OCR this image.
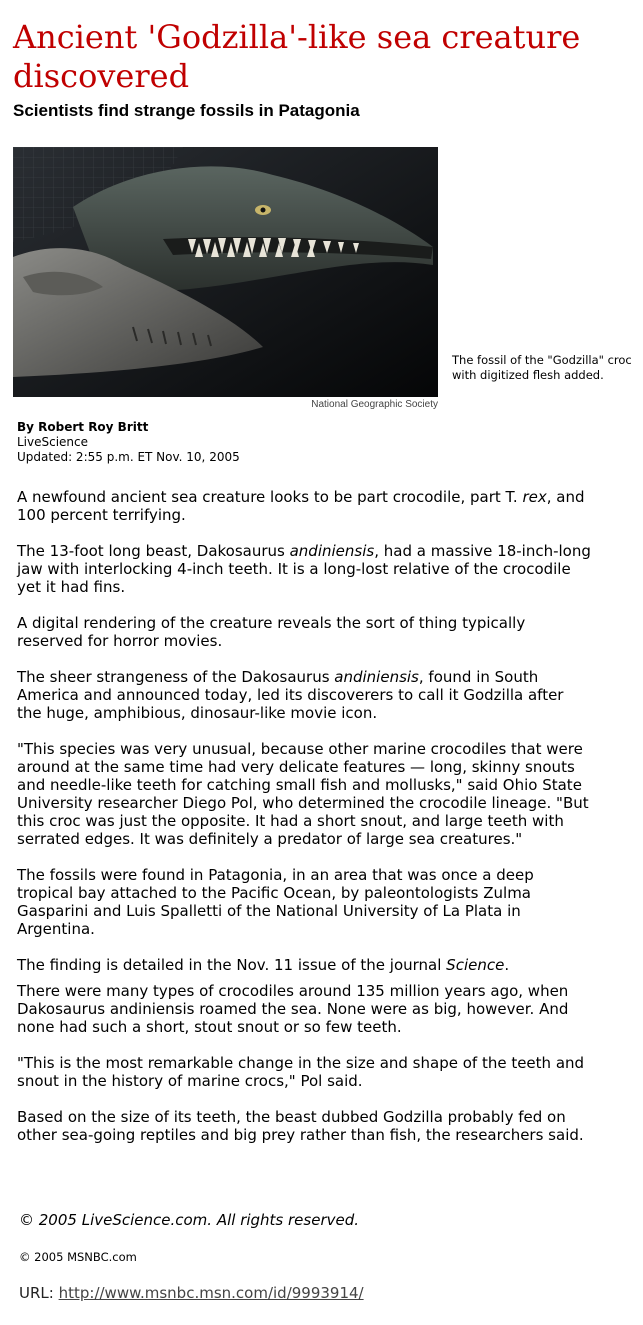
Ancient 'Godzilla'-like sea creature discovered
Scientists find strange fossils in Patagonia
National Geographic Society
The fossil of the "Godzilla" croc with digitized flesh added.
By Robert Roy Britt
LiveScience
Updated: 2:55 p.m. ET Nov. 10, 2005

A newfound ancient sea creature looks to be part crocodile, part T. rex, and 100 percent terrifying.

The 13-foot long beast, Dakosaurus andiniensis, had a massive 18-inch-long jaw with interlocking 4-inch teeth. It is a long-lost relative of the crocodile yet it had fins.

A digital rendering of the creature reveals the sort of thing typically reserved for horror movies.

The sheer strangeness of the Dakosaurus andiniensis, found in South America and announced today, led its discoverers to call it Godzilla after the huge, amphibious, dinosaur-like movie icon.

"This species was very unusual, because other marine crocodiles that were around at the same time had very delicate features — long, skinny snouts and needle-like teeth for catching small fish and mollusks," said Ohio State University researcher Diego Pol, who determined the crocodile lineage. "But this croc was just the opposite. It had a short snout, and large teeth with serrated edges. It was definitely a predator of large sea creatures."

The fossils were found in Patagonia, in an area that was once a deep tropical bay attached to the Pacific Ocean, by paleontologists Zulma Gasparini and Luis Spalletti of the National University of La Plata in Argentina.

The finding is detailed in the Nov. 11 issue of the journal Science.

There were many types of crocodiles around 135 million years ago, when Dakosaurus andiniensis roamed the sea. None were as big, however. And none had such a short, stout snout or so few teeth.

"This is the most remarkable change in the size and shape of the teeth and snout in the history of marine crocs," Pol said.

Based on the size of its teeth, the beast dubbed Godzilla probably fed on other sea-going reptiles and big prey rather than fish, the researchers said.

© 2005 LiveScience.com. All rights reserved.
© 2005 MSNBC.com
URL: http://www.msnbc.msn.com/id/9993914/
